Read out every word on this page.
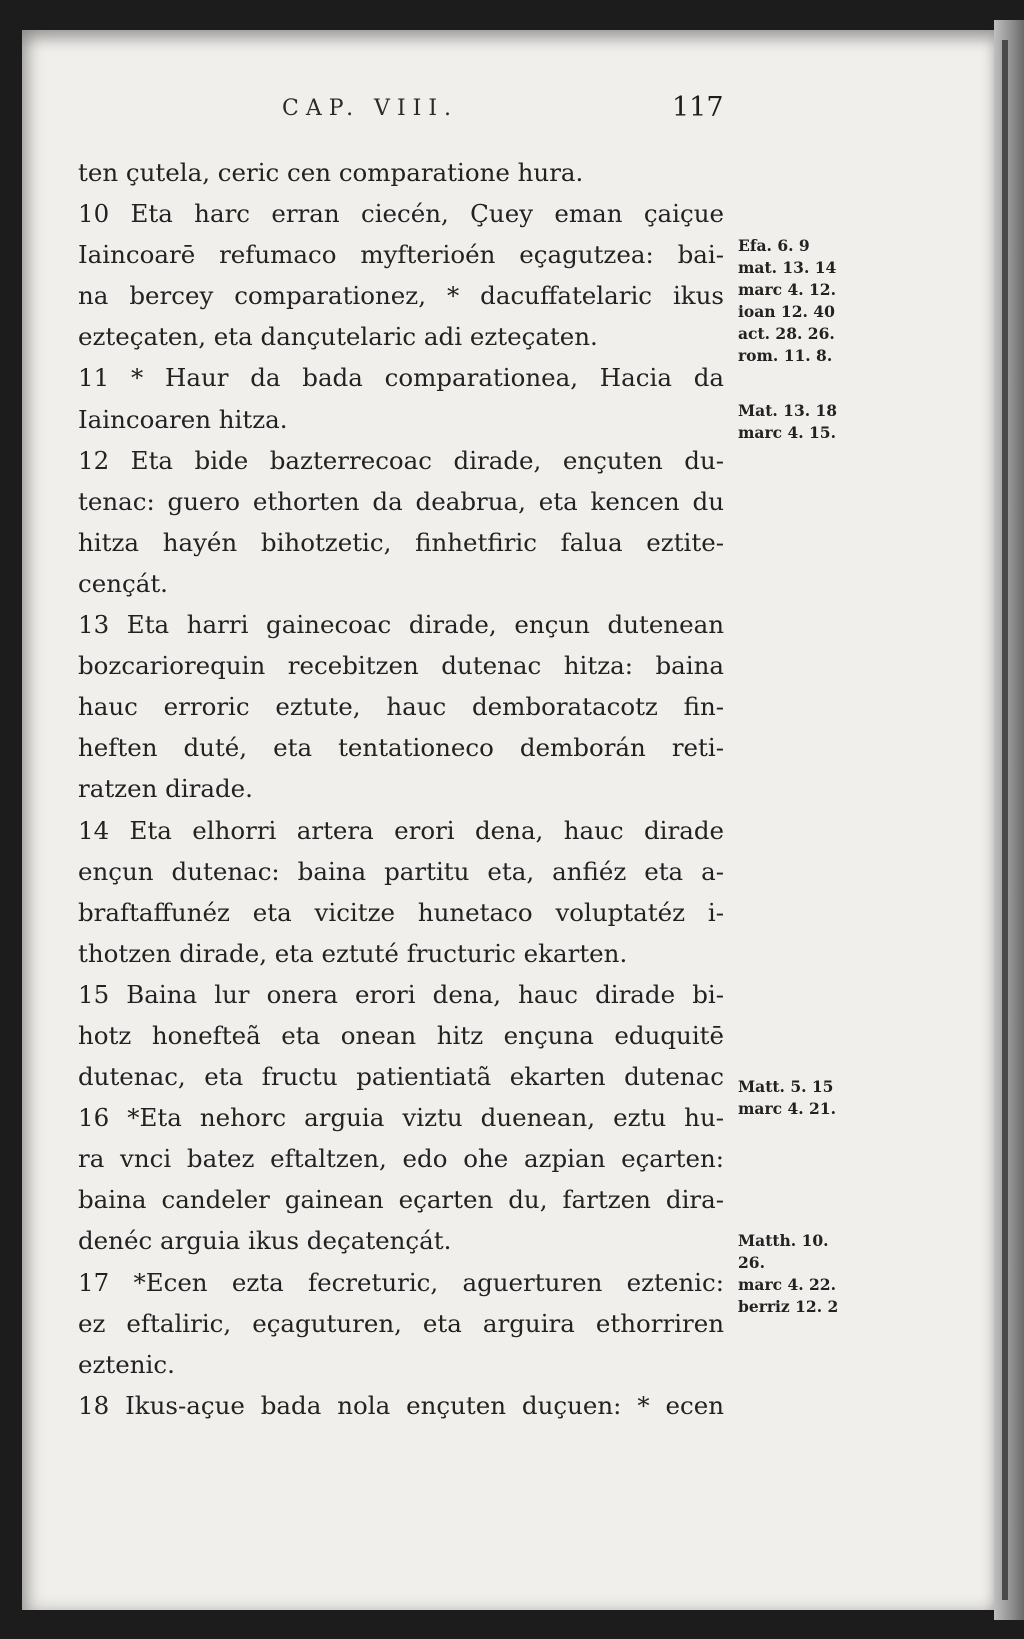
CAP. VIII.	117
ten çutela, ceric cen comparatione hura.
10 Eta harc erran ciecén, Çuey eman çaiçue
Iaincoarē refumaco myfterioén eçagutzea: bai-
na bercey comparationez, * dacuffatelaric ikus
ezteçaten, eta dançutelaric adi ezteçaten.
11 * Haur da bada comparationea, Hacia da
Iaincoaren hitza.
12 Eta bide bazterrecoac dirade, ençuten du-
tenac: guero ethorten da deabrua, eta kencen du
hitza hayén bihotzetic, finhetfiric falua eztite-
cençát.
13 Eta harri gainecoac dirade, ençun dutenean
bozcariorequin recebitzen dutenac hitza: baina
hauc erroric eztute, hauc demboratacotz fin-
heften duté, eta tentationeco demborán reti-
ratzen dirade.
14 Eta elhorri artera erori dena, hauc dirade
ençun dutenac: baina partitu eta, anfiéz eta a-
braftaffunéz eta vicitze hunetaco voluptatéz i-
thotzen dirade, eta eztuté fructuric ekarten.
15 Baina lur onera erori dena, hauc dirade bi-
hotz honefteã eta onean hitz ençuna eduquitē
dutenac, eta fructu patientiatã ekarten dutenac
16 *Eta nehorc arguia viztu duenean, eztu hu-
ra vnci batez eftaltzen, edo ohe azpian eçarten:
baina candeler gainean eçarten du, fartzen dira-
denéc arguia ikus deçatençát.
17 *Ecen ezta fecreturic, aguerturen eztenic:
ez eftaliric, eçaguturen, eta arguira ethorriren
eztenic.
18 Ikus-açue bada nola ençuten duçuen: * ecen
Efa. 6. 9
mat. 13. 14
marc 4. 12.
ioan 12. 40
act. 28. 26.
rom. 11. 8.
Mat. 13. 18
marc 4. 15.
Matt. 5. 15
marc 4. 21.
Matth. 10.
26.
marc 4. 22.
berriz 12. 2
